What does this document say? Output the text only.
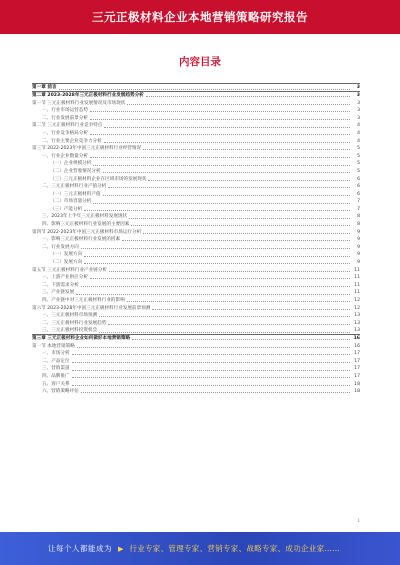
三元正极材料企业本地营销策略研究报告
内容目录
第一章 前言	3
第二章 2023-2028年三元正极材料行业发展趋势分析	3
第一节 三元正极材料行业发展情况及市场现状	3
一、行业市场运营态势	3
二、行业发展前景分析	3
第二节 三元正极材料行业竞争特点	4
一、行业竞争格局分析	4
二、行业主要企业竞争力分析	4
第三节 2022-2023年中国三元正极材料行业经营情况	5
一、行业企业数量分析	5
（一）企业规模分析	5
（二）企业营收情况分析	5
（三）三元正极材料企业在区域市场的发展现状	6
二、三元正极材料行业产值分析	6
（一）三元正极材料产值	6
（二）市场容量分析	7
（三）产能分析	7
三、2023年上半年三元正极材料发展现状	8
四、影响三元正极材料行业发展的主要因素	8
第四节 2022-2023年中国三元正极材料市场运行分析	9
一、影响三元正极材料行业发展的因素	9
二、行业发展方向	9
（一）发展方向	9
（二）发展方向	9
第五节 三元正极材料行业产业链分析	11
一、上游产业供应分析	11
二、下游需求分析	11
三、产业链发展	11
四、产业链中对三元正极材料行业的影响	12
第六节 2023-2028年中国三元正极材料行业发展前景预测	12
一、三元正极材料市场预测	13
二、三元正极材料行业发展趋势	13
三、三元正极材料投资机会	13
第三章 三元正极材料企业如何做好本地营销策略	16
第一节 本地营销策略	16
一、市场分析	17
二、产品定位	17
三、营销渠道	17
四、品牌推广	17
五、客户关系	18
六、营销策略评估	18
1
让每个人都能成为 ▶ 行业专家、管理专家、营销专家、战略专家、成功企业家……
